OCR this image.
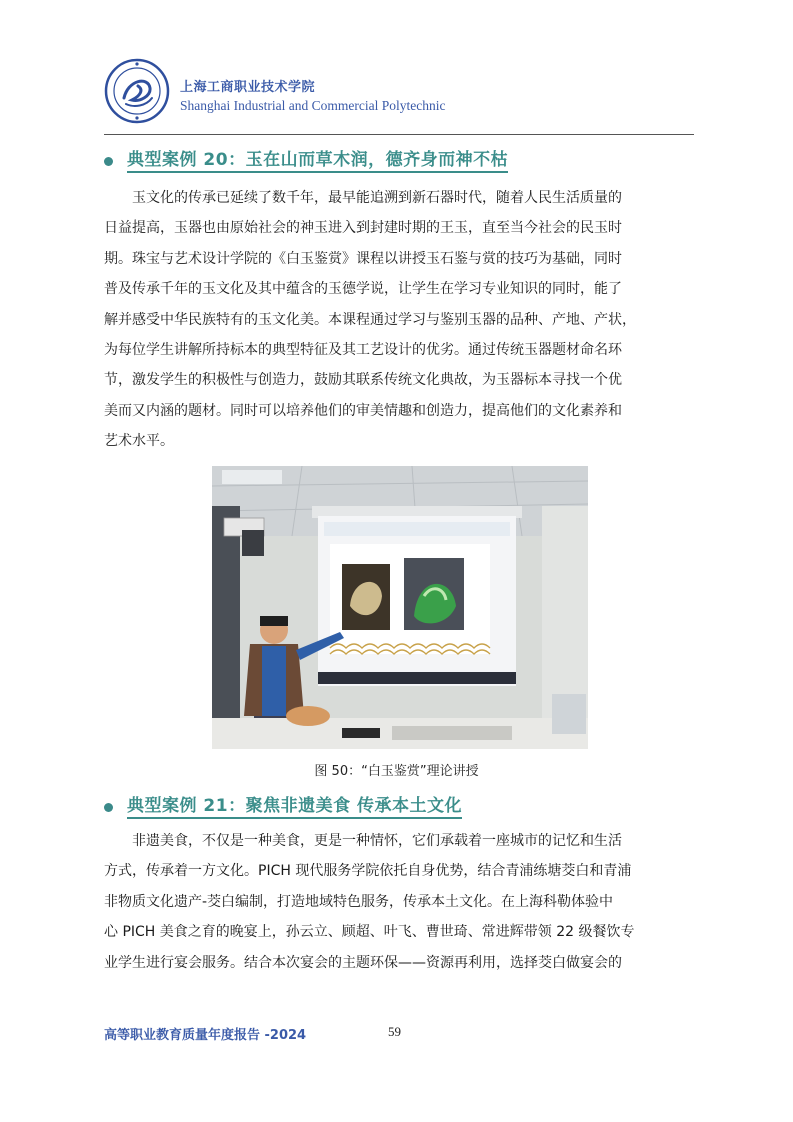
上海工商职业技术学院
Shanghai Industrial and Commercial Polytechnic
典型案例 20：玉在山而草木润，德齐身而神不枯
玉文化的传承已延续了数千年，最早能追溯到新石器时代，随着人民生活质量的
日益提高，玉器也由原始社会的神玉进入到封建时期的王玉，直至当今社会的民玉时
期。珠宝与艺术设计学院的《白玉鉴赏》课程以讲授玉石鉴与赏的技巧为基础，同时
普及传承千年的玉文化及其中蕴含的玉德学说，让学生在学习专业知识的同时，能了
解并感受中华民族特有的玉文化美。本课程通过学习与鉴别玉器的品种、产地、产状，
为每位学生讲解所持标本的典型特征及其工艺设计的优劣。通过传统玉器题材命名环
节，激发学生的积极性与创造力，鼓励其联系传统文化典故，为玉器标本寻找一个优
美而又内涵的题材。同时可以培养他们的审美情趣和创造力，提高他们的文化素养和
艺术水平。
图 50：“白玉鉴赏”理论讲授
典型案例 21：聚焦非遗美食 传承本土文化
非遗美食，不仅是一种美食，更是一种情怀，它们承载着一座城市的记忆和生活
方式，传承着一方文化。PICH 现代服务学院依托自身优势，结合青浦练塘茭白和青浦
非物质文化遗产-茭白编制，打造地域特色服务，传承本土文化。在上海科勒体验中
心 PICH 美食之育的晚宴上，孙云立、顾超、叶飞、曹世琦、常进辉带领 22 级餐饮专
业学生进行宴会服务。结合本次宴会的主题环保——资源再利用，选择茭白做宴会的
高等职业教育质量年度报告 -2024	59
